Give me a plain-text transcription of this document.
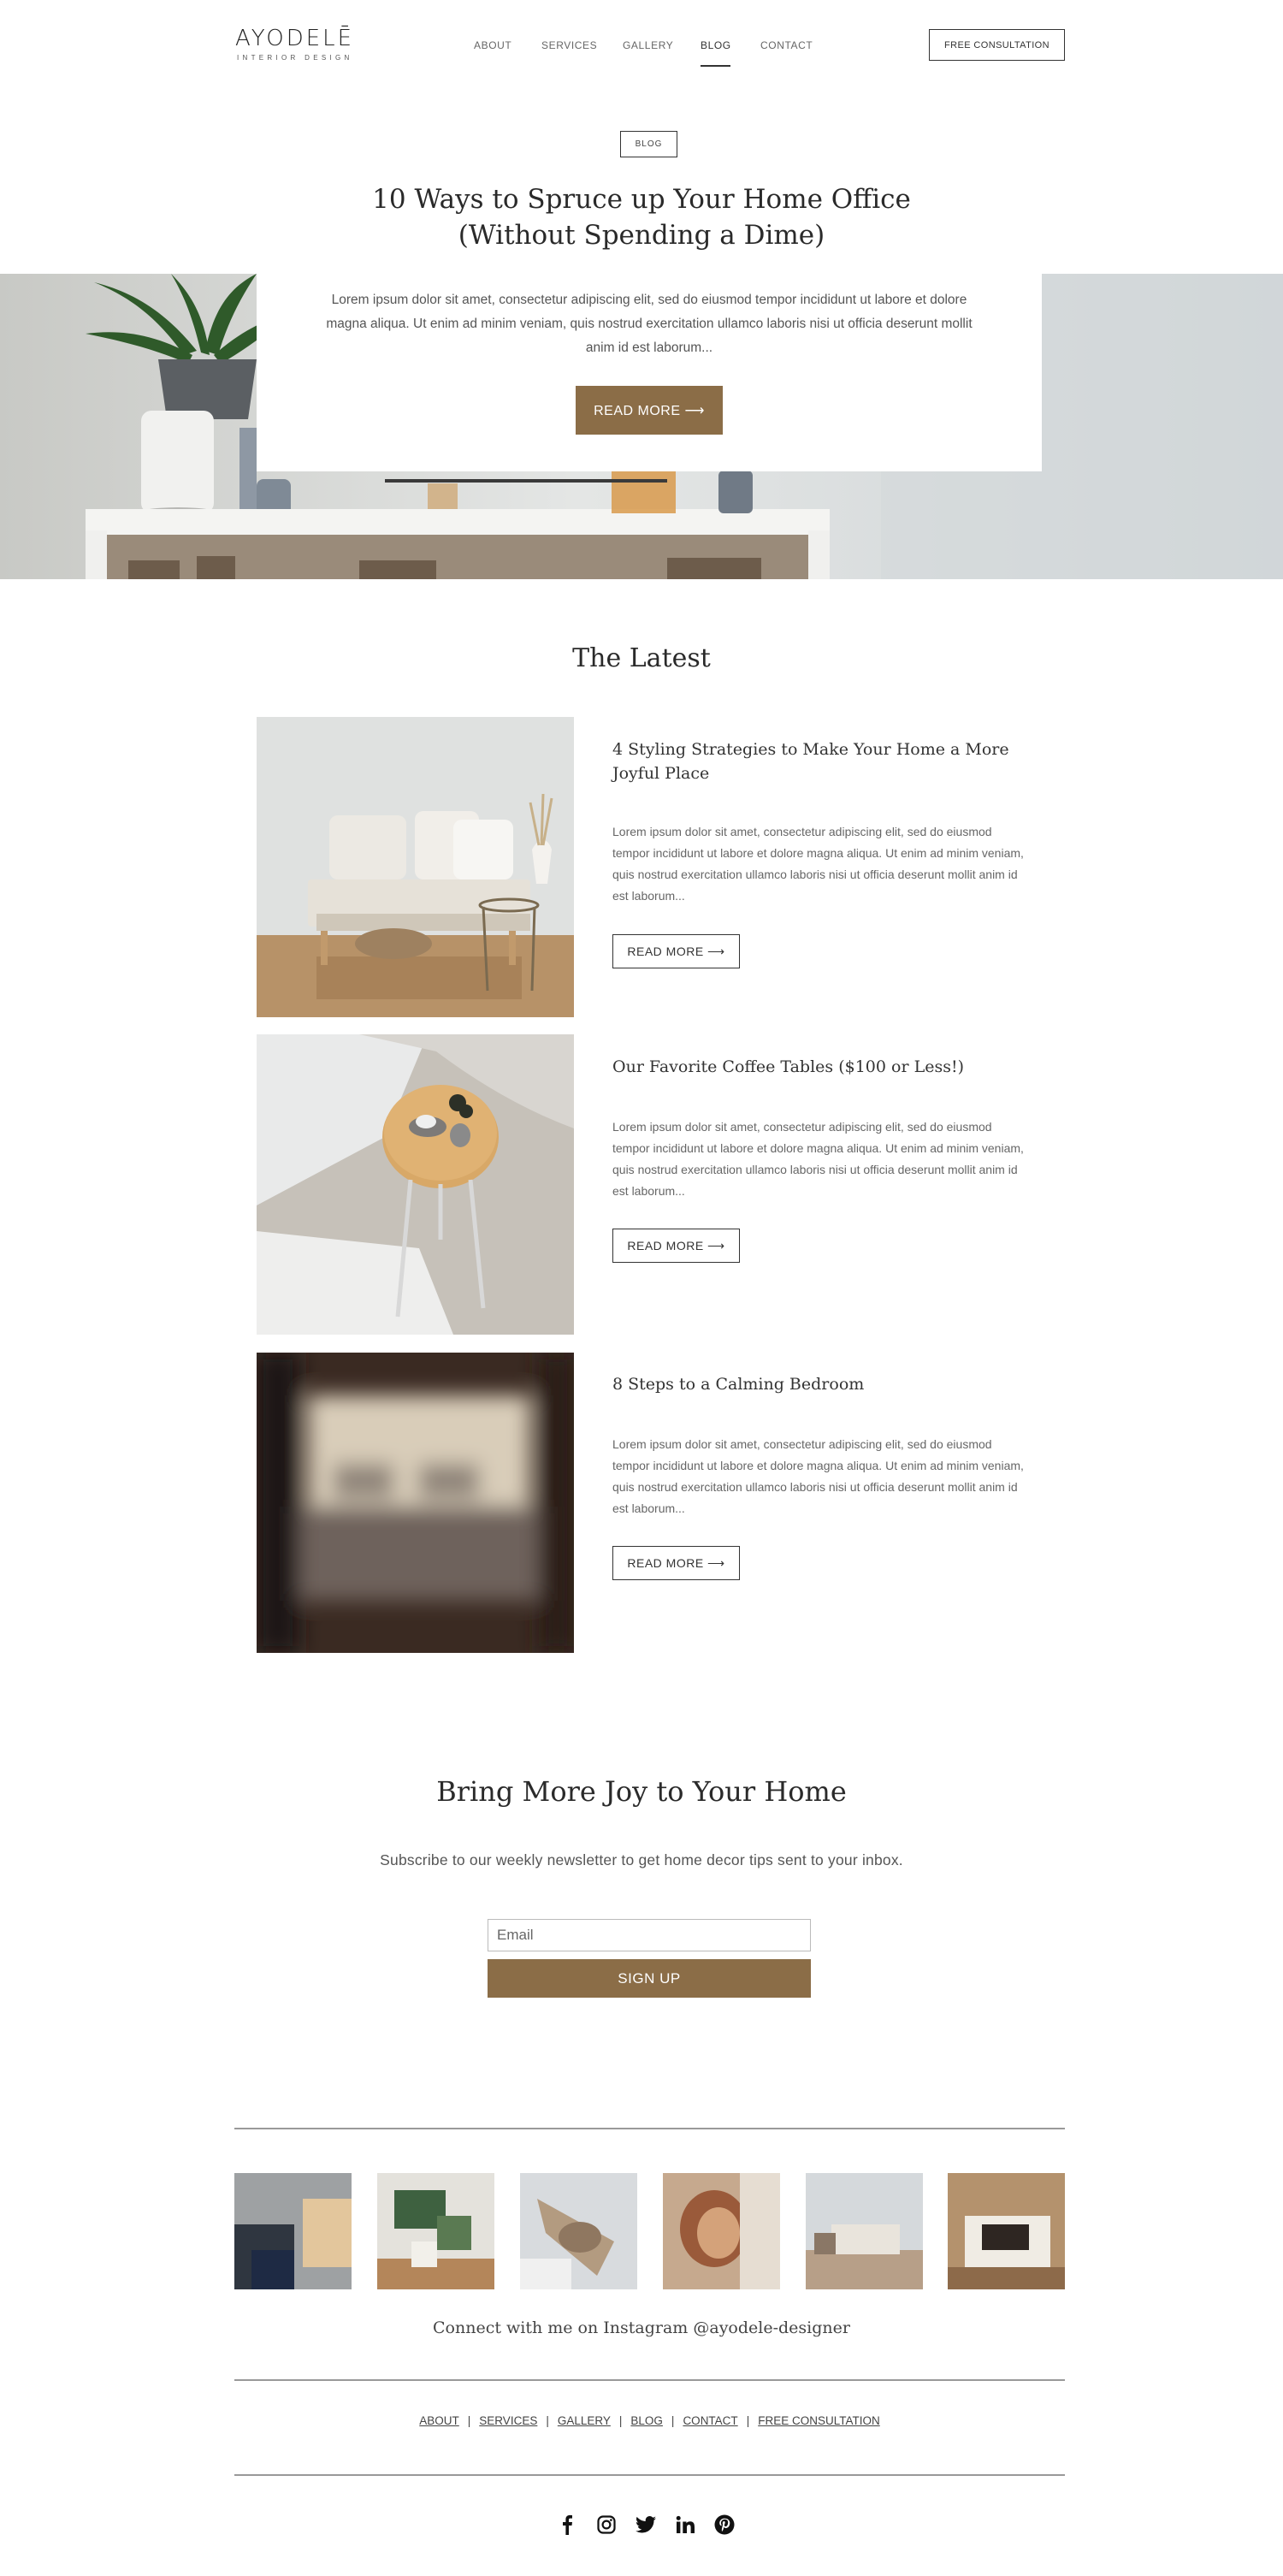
AYODELĒ
INTERIOR DESIGN
ABOUT	SERVICES GALLERY	BLOG	CONTACT	FREE CONSULTATION
BLOG
10 Ways to Spruce up Your Home Office
(Without Spending a Dime)
Lorem ipsum dolor sit amet, consectetur adipiscing elit, sed do eiusmod tempor incididunt ut labore et dolore magna aliqua. Ut enim ad minim veniam, quis nostrud exercitation ullamco laboris nisi ut officia deserunt mollit anim id est laborum...
READ MORE ⟶
The Latest
4 Styling Strategies to Make Your Home a More Joyful Place
Lorem ipsum dolor sit amet, consectetur adipiscing elit, sed do eiusmod tempor incididunt ut labore et dolore magna aliqua. Ut enim ad minim veniam, quis nostrud exercitation ullamco laboris nisi ut officia deserunt mollit anim id est laborum...
READ MORE ⟶
Our Favorite Coffee Tables ($100 or Less!)
Lorem ipsum dolor sit amet, consectetur adipiscing elit, sed do eiusmod tempor incididunt ut labore et dolore magna aliqua. Ut enim ad minim veniam, quis nostrud exercitation ullamco laboris nisi ut officia deserunt mollit anim id est laborum...
READ MORE ⟶
8 Steps to a Calming Bedroom
Lorem ipsum dolor sit amet, consectetur adipiscing elit, sed do eiusmod tempor incididunt ut labore et dolore magna aliqua. Ut enim ad minim veniam, quis nostrud exercitation ullamco laboris nisi ut officia deserunt mollit anim id est laborum...
READ MORE ⟶
Bring More Joy to Your Home
Subscribe to our weekly newsletter to get home decor tips sent to your inbox.
Email
SIGN UP
Connect with me on Instagram @ayodele-designer
ABOUT | SERVICES | GALLERY | BLOG | CONTACT | FREE CONSULTATION
